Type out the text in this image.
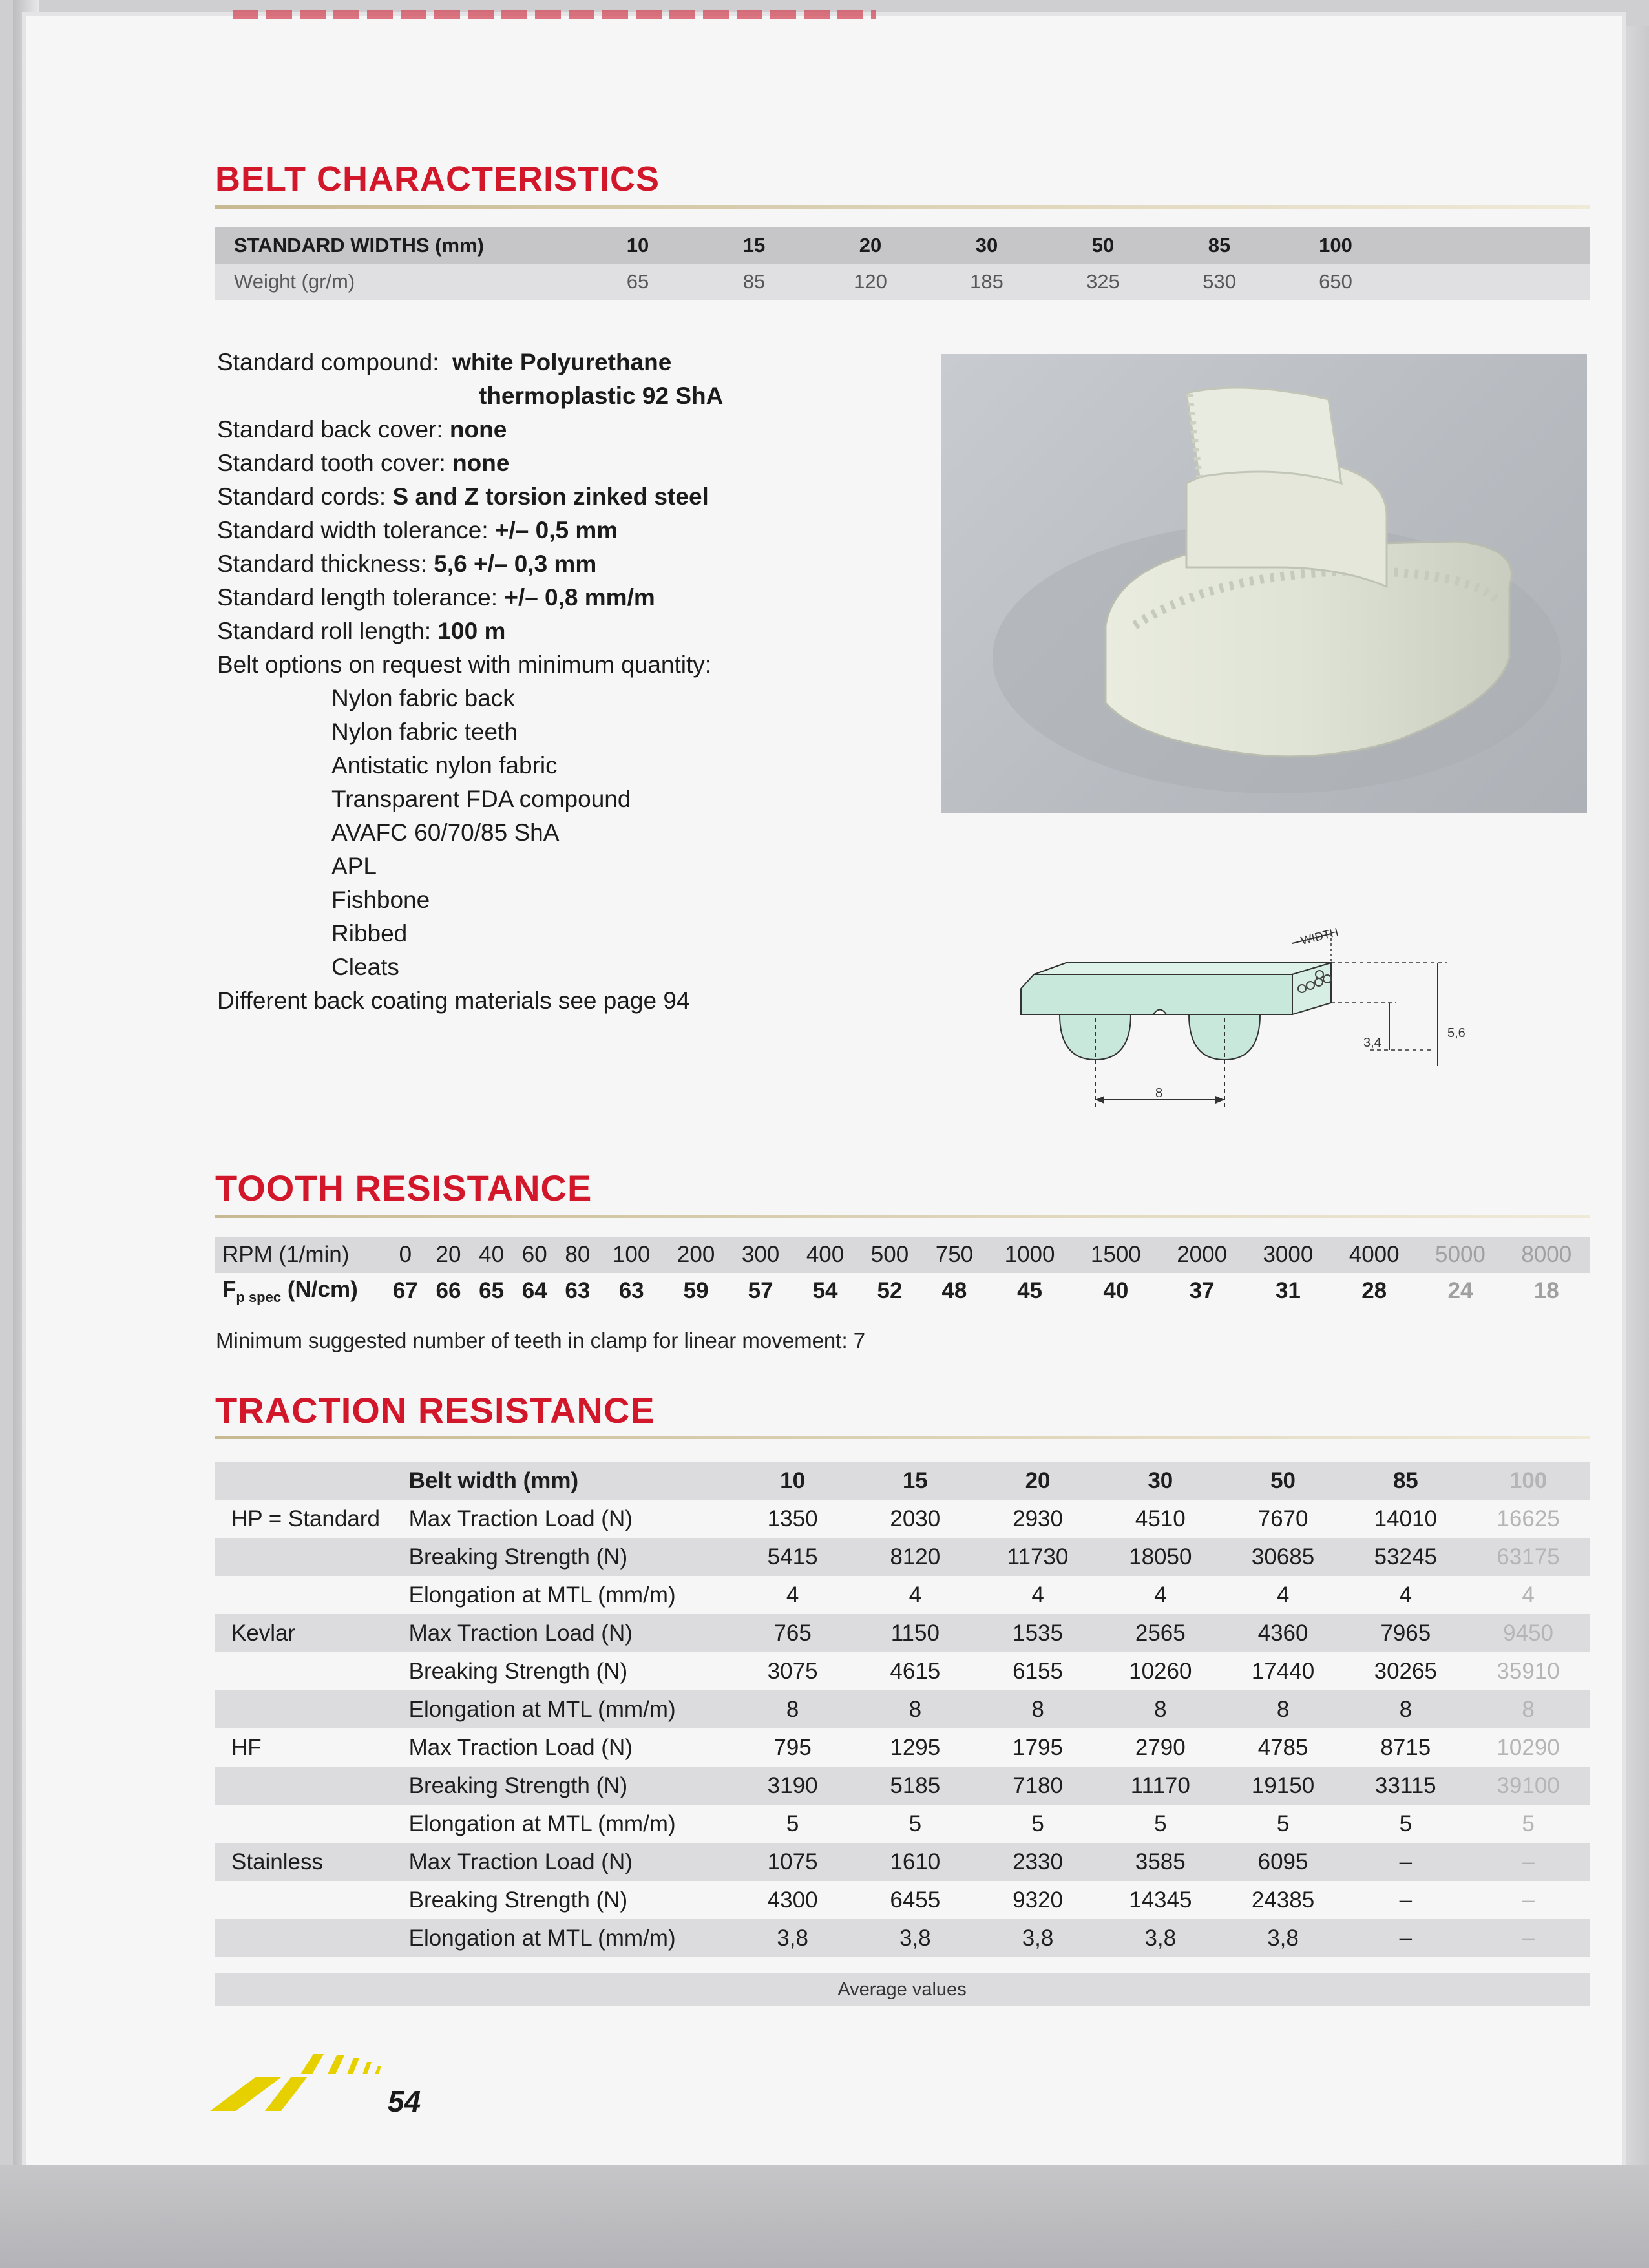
BELT CHARACTERISTICS
STANDARD WIDTHS (mm)	10	15	20	30	50	85	100	
Weight (gr/m)	65	85	120	185	325	530	650	
Standard compound: white Polyurethane
thermoplastic 92 ShA
Standard back cover: none
Standard tooth cover: none
Standard cords: S and Z torsion zinked steel
Standard width tolerance: +/– 0,5 mm
Standard thickness: 5,6 +/– 0,3 mm
Standard length tolerance: +/– 0,8 mm/m
Standard roll length: 100 m
Belt options on request with minimum quantity:
Nylon fabric back
Nylon fabric teeth
Antistatic nylon fabric
Transparent FDA compound
AVAFC 60/70/85 ShA
APL
Fishbone
Ribbed
Cleats
Different back coating materials see page 94
WIDTH
8
3,4
5,6
TOOTH RESISTANCE
RPM (1/min)	0	20	40	60	80	100	200	300	400	500	750	1000	1500	2000	3000	4000	5000	8000
$F_{p spec}$ (N/cm)	67	66	65	64	63	63	59	57	54	52	48	45	40	37	31	28	24	18
Minimum suggested number of teeth in clamp for linear movement: 7
TRACTION RESISTANCE
	Belt width (mm)	10	15	20	30	50	85	100
HP = Standard	Max Traction Load (N)	1350	2030	2930	4510	7670	14010	16625
	Breaking Strength (N)	5415	8120	11730	18050	30685	53245	63175
	Elongation at MTL (mm/m)	4	4	4	4	4	4	4
Kevlar	Max Traction Load (N)	765	1150	1535	2565	4360	7965	9450
	Breaking Strength (N)	3075	4615	6155	10260	17440	30265	35910
	Elongation at MTL (mm/m)	8	8	8	8	8	8	8
HF	Max Traction Load (N)	795	1295	1795	2790	4785	8715	10290
	Breaking Strength (N)	3190	5185	7180	11170	19150	33115	39100
	Elongation at MTL (mm/m)	5	5	5	5	5	5	5
Stainless	Max Traction Load (N)	1075	1610	2330	3585	6095	–	–
	Breaking Strength (N)	4300	6455	9320	14345	24385	–	–
	Elongation at MTL (mm/m)	3,8	3,8	3,8	3,8	3,8	–	–
Average values
54
